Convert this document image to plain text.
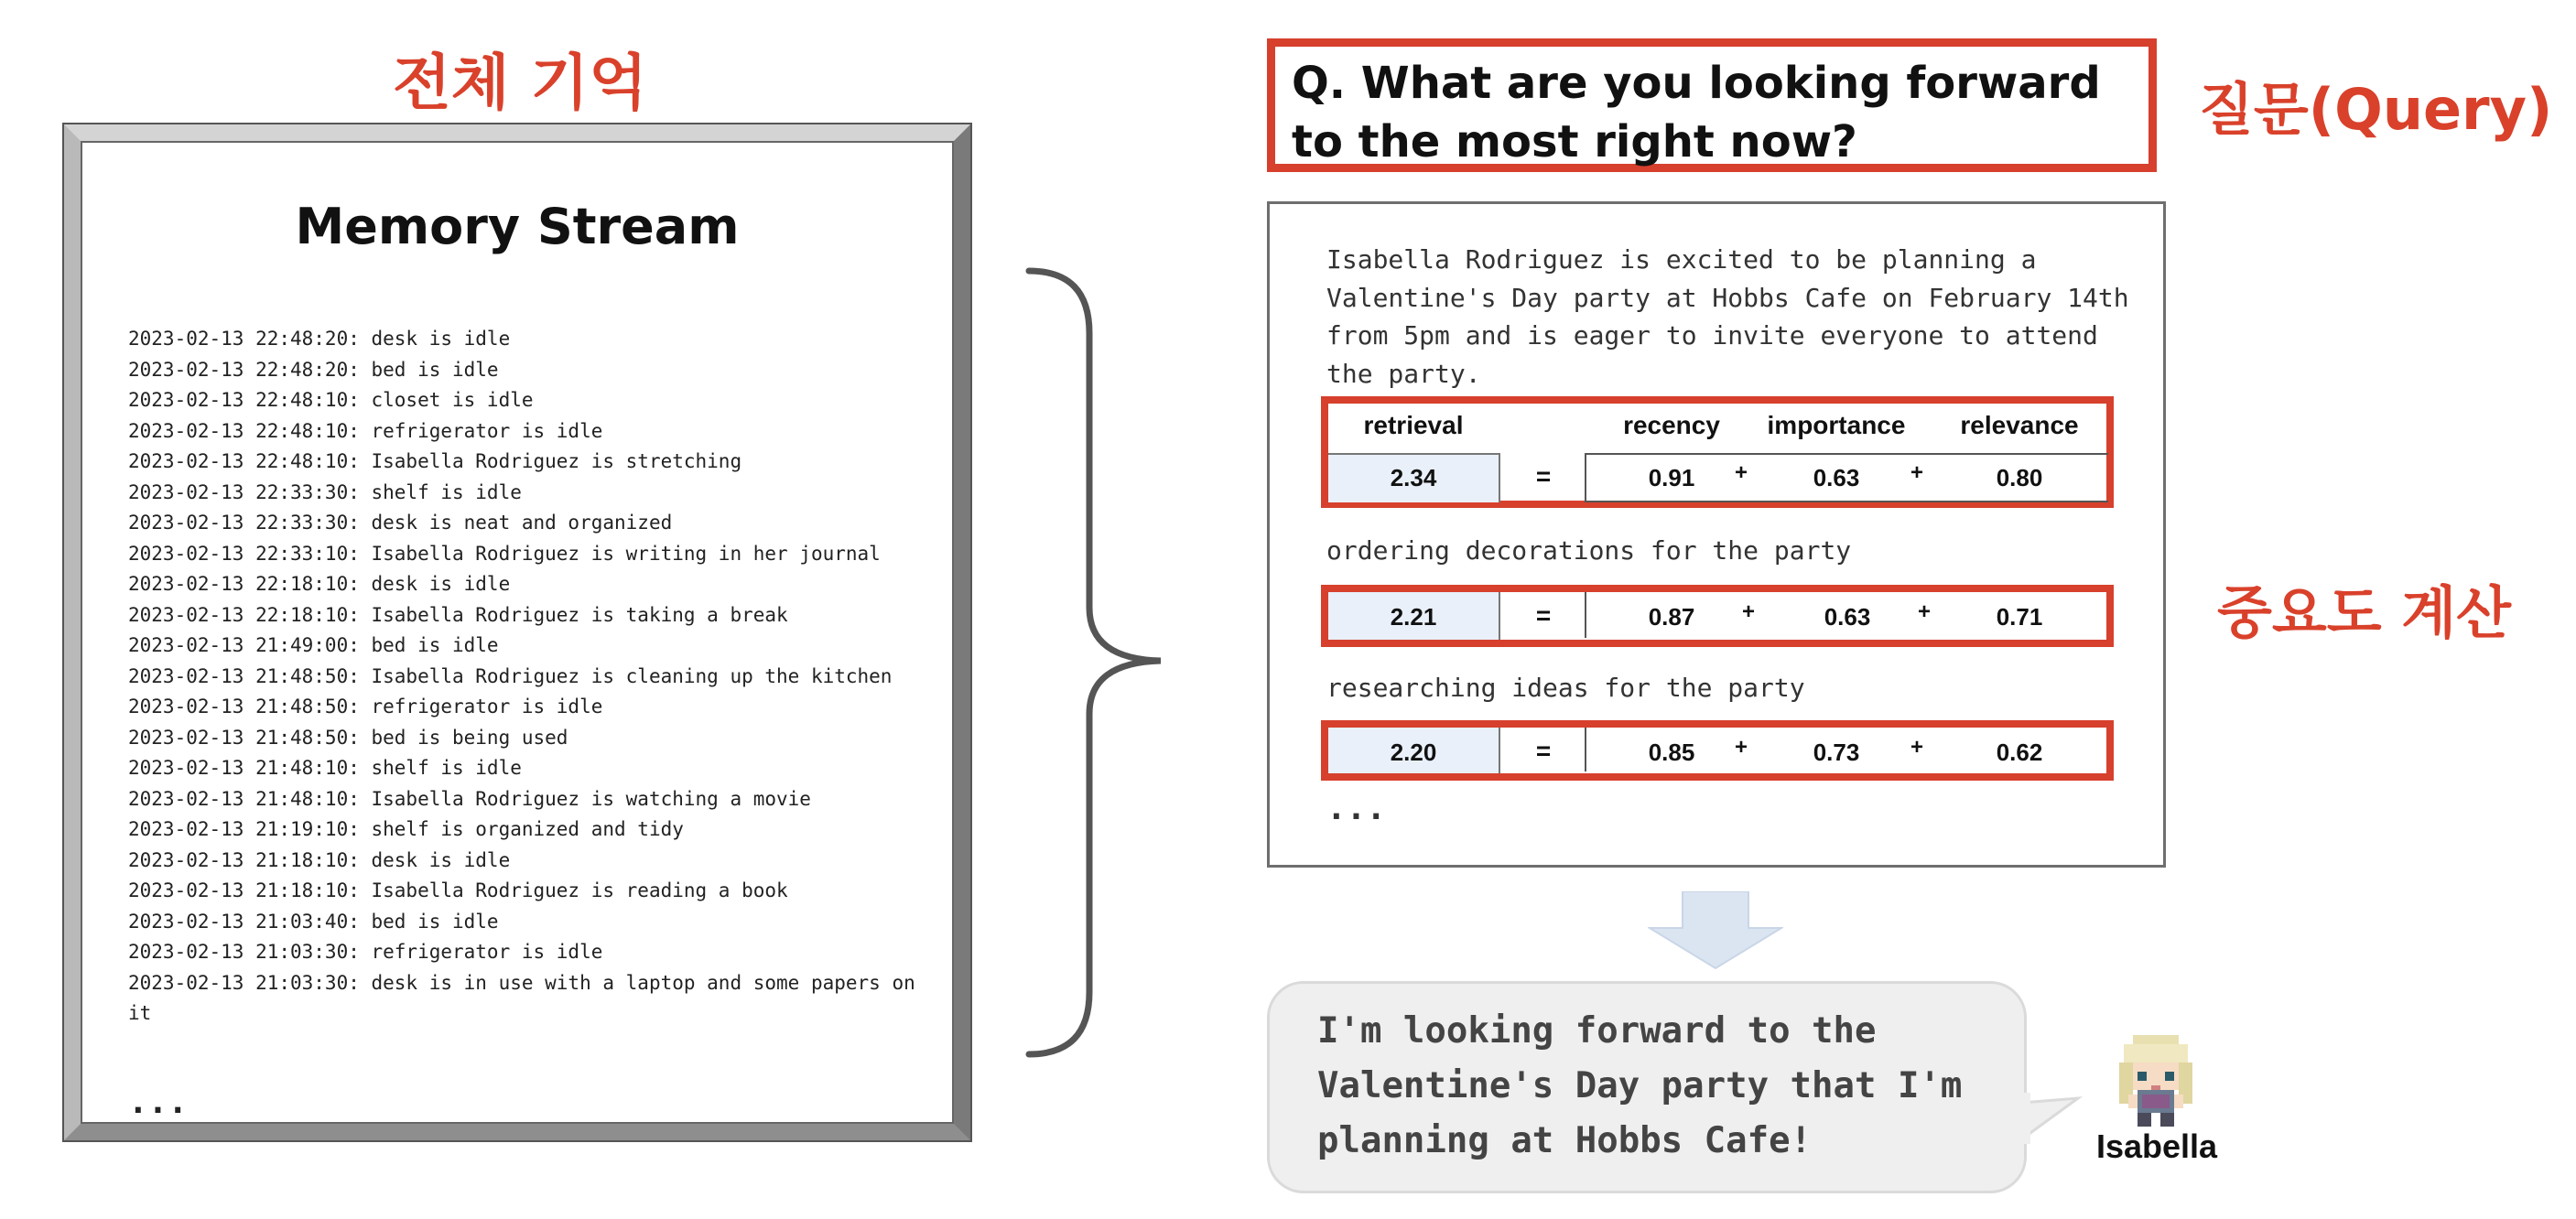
전체 기억
Memory Stream
2023-02-13 22:48:20: desk is idle
2023-02-13 22:48:20: bed is idle
2023-02-13 22:48:10: closet is idle
2023-02-13 22:48:10: refrigerator is idle
2023-02-13 22:48:10: Isabella Rodriguez is stretching
2023-02-13 22:33:30: shelf is idle
2023-02-13 22:33:30: desk is neat and organized
2023-02-13 22:33:10: Isabella Rodriguez is writing in her journal
2023-02-13 22:18:10: desk is idle
2023-02-13 22:18:10: Isabella Rodriguez is taking a break
2023-02-13 21:49:00: bed is idle
2023-02-13 21:48:50: Isabella Rodriguez is cleaning up the kitchen
2023-02-13 21:48:50: refrigerator is idle
2023-02-13 21:48:50: bed is being used
2023-02-13 21:48:10: shelf is idle
2023-02-13 21:48:10: Isabella Rodriguez is watching a movie
2023-02-13 21:19:10: shelf is organized and tidy
2023-02-13 21:18:10: desk is idle
2023-02-13 21:18:10: Isabella Rodriguez is reading a book
2023-02-13 21:03:40: bed is idle
2023-02-13 21:03:30: refrigerator is idle
2023-02-13 21:03:30: desk is in use with a laptop and some papers on it
...
Q. What are you looking forward to the most right now?	질문(Query)
Isabella Rodriguez is excited to be planning a Valentine's Day party at Hobbs Cafe on February 14th from 5pm and is eager to invite everyone to attend the party.
retrieval	recency	importance	relevance
2.34	=	0.91	+	0.63	+	0.80
ordering decorations for the party
2.21	=	0.87	+	0.63	+	0.71
researching ideas for the party
2.20	=	0.85	+	0.73	+	0.62
...
중요도 계산
I'm looking forward to the Valentine's Day party that I'm planning at Hobbs Cafe!	Isabella
